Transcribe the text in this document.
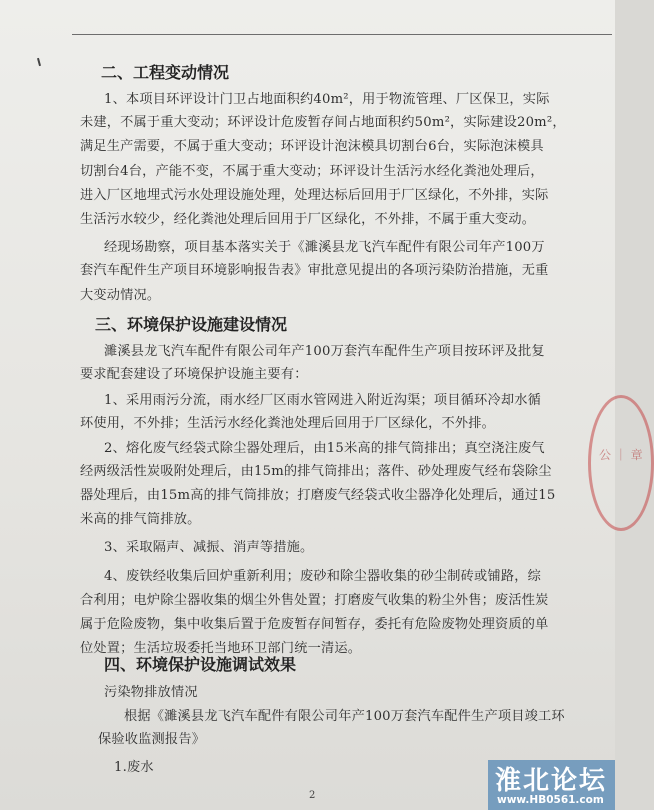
二、工程变动情况
1、本项目环评设计门卫占地面积约40m²，用于物流管理、厂区保卫，实际
未建，不属于重大变动；环评设计危废暂存间占地面积约50m²，实际建设20m²，
满足生产需要，不属于重大变动；环评设计泡沫模具切割台6台，实际泡沫模具
切割台4台，产能不变，不属于重大变动；环评设计生活污水经化粪池处理后，
进入厂区地埋式污水处理设施处理，处理达标后回用于厂区绿化，不外排，实际
生活污水较少，经化粪池处理后回用于厂区绿化，不外排，不属于重大变动。
经现场勘察，项目基本落实关于《濉溪县龙飞汽车配件有限公司年产100万
套汽车配件生产项目环境影响报告表》审批意见提出的各项污染防治措施，无重
大变动情况。
三、环境保护设施建设情况
濉溪县龙飞汽车配件有限公司年产100万套汽车配件生产项目按环评及批复
要求配套建设了环境保护设施主要有：
1、采用雨污分流，雨水经厂区雨水管网进入附近沟渠；项目循环冷却水循
环使用，不外排；生活污水经化粪池处理后回用于厂区绿化，不外排。
2、熔化废气经袋式除尘器处理后，由15米高的排气筒排出；真空浇注废气
经两级活性炭吸附处理后，由15m的排气筒排出；落件、砂处理废气经布袋除尘
器处理后，由15m高的排气筒排放；打磨废气经袋式收尘器净化处理后，通过15
米高的排气筒排放。
3、采取隔声、减振、消声等措施。
4、废铁经收集后回炉重新利用；废砂和除尘器收集的砂尘制砖或铺路，综
合利用；电炉除尘器收集的烟尘外售处置；打磨废气收集的粉尘外售；废活性炭
属于危险废物，集中收集后置于危废暂存间暂存，委托有危险废物处理资质的单
位处置；生活垃圾委托当地环卫部门统一清运。
四、环境保护设施调试效果
污染物排放情况
根据《濉溪县龙飞汽车配件有限公司年产100万套汽车配件生产项目竣工环
保验收监测报告》
1.废水
公 ｜ 章
2	淮北论坛
www.HB0561.com
